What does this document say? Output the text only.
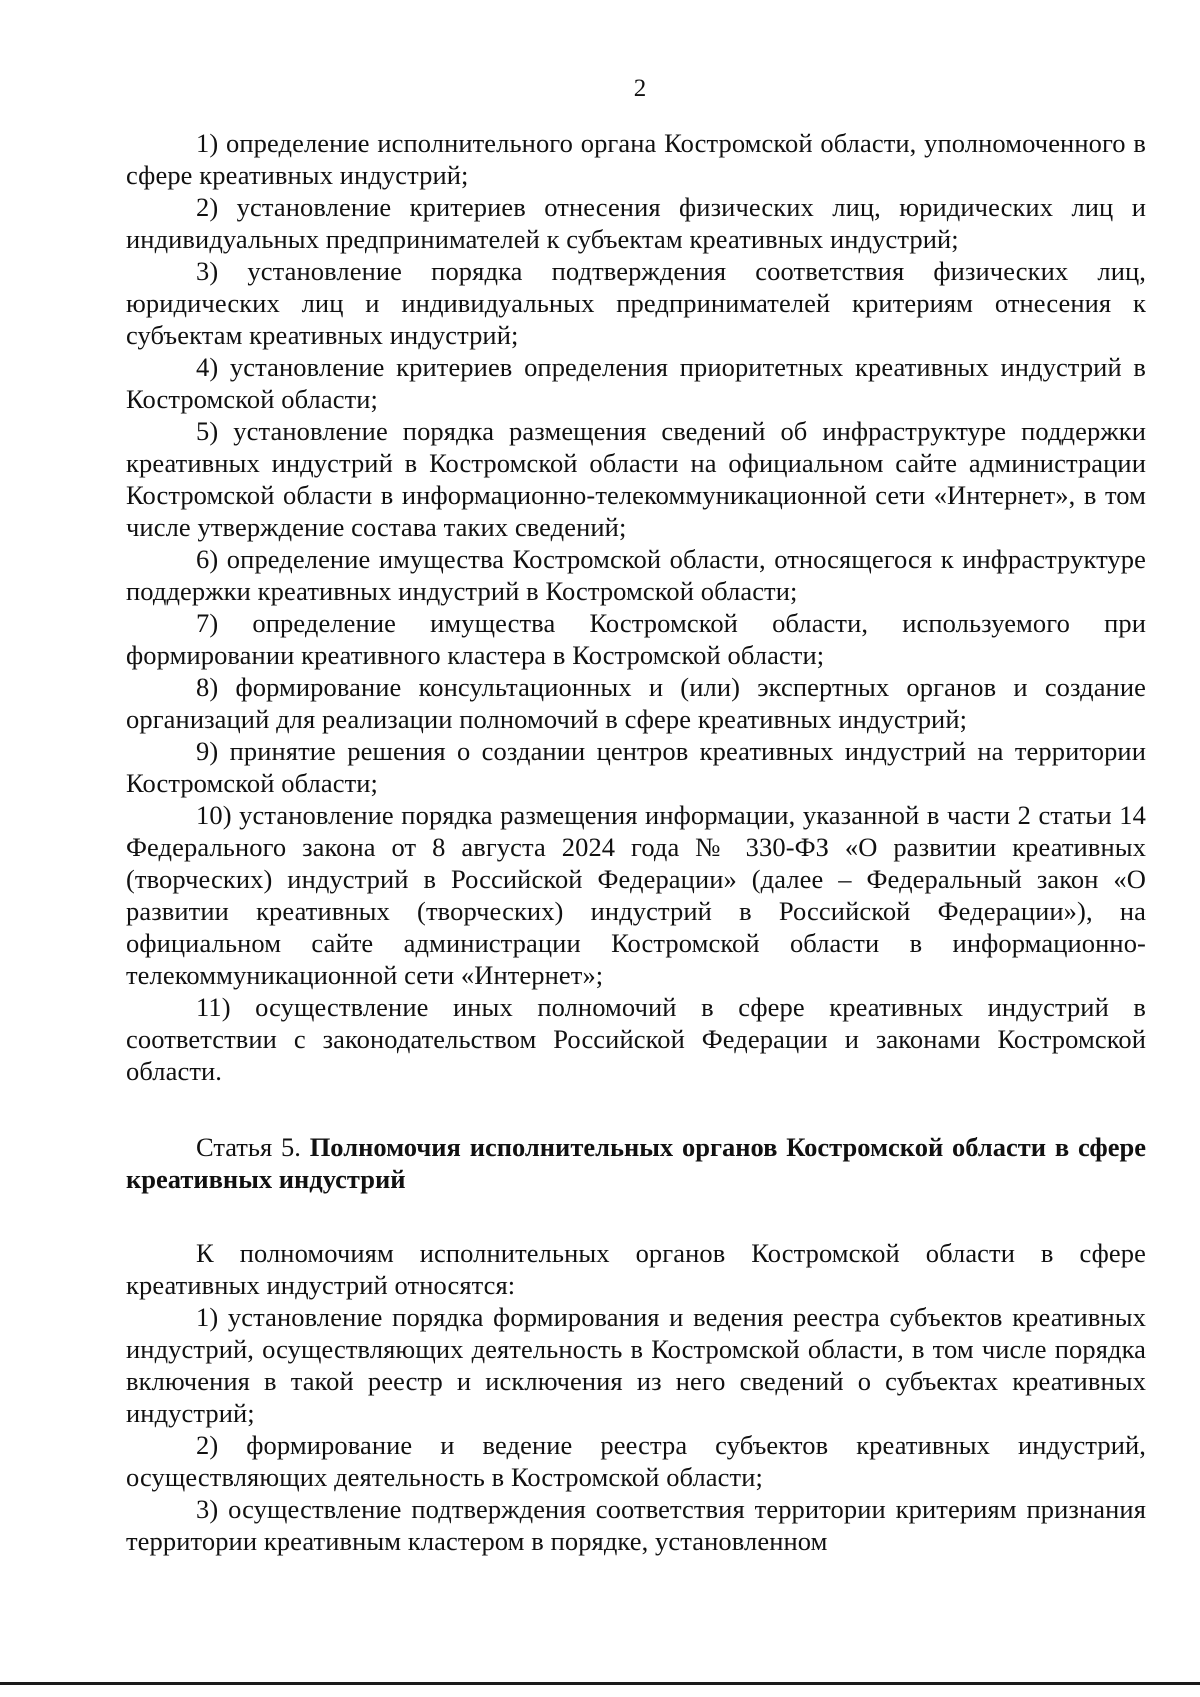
2

1) определение исполнительного органа Костромской области, уполномоченного в сфере креативных индустрий;

2) установление критериев отнесения физических лиц, юридических лиц и индивидуальных предпринимателей к субъектам креативных индустрий;

3) установление порядка подтверждения соответствия физических лиц, юридических лиц и индивидуальных предпринимателей критериям отнесения к субъектам креативных индустрий;

4) установление критериев определения приоритетных креативных индустрий в Костромской области;

5) установление порядка размещения сведений об инфраструктуре поддержки креативных индустрий в Костромской области на официальном сайте администрации Костромской области в информационно-телекоммуникационной сети «Интернет», в том числе утверждение состава таких сведений;

6) определение имущества Костромской области, относящегося к инфраструктуре поддержки креативных индустрий в Костромской области;

7) определение имущества Костромской области, используемого при формировании креативного кластера в Костромской области;

8) формирование консультационных и (или) экспертных органов и создание организаций для реализации полномочий в сфере креативных индустрий;

9) принятие решения о создании центров креативных индустрий на территории Костромской области;

10) установление порядка размещения информации, указанной в части 2 статьи 14 Федерального закона от 8 августа 2024 года № 330-ФЗ «О развитии креативных (творческих) индустрий в Российской Федерации» (далее – Федеральный закон «О развитии креативных (творческих) индустрий в Российской Федерации»), на официальном сайте администрации Костромской области в информационно-телекоммуникационной сети «Интернет»;

11) осуществление иных полномочий в сфере креативных индустрий в соответствии с законодательством Российской Федерации и законами Костромской области.

Статья 5. Полномочия исполнительных органов Костромской области в сфере креативных индустрий

К полномочиям исполнительных органов Костромской области в сфере креативных индустрий относятся:

1) установление порядка формирования и ведения реестра субъектов креативных индустрий, осуществляющих деятельность в Костромской области, в том числе порядка включения в такой реестр и исключения из него сведений о субъектах креативных индустрий;

2) формирование и ведение реестра субъектов креативных индустрий, осуществляющих деятельность в Костромской области;

3) осуществление подтверждения соответствия территории критериям признания территории креативным кластером в порядке, установленном
